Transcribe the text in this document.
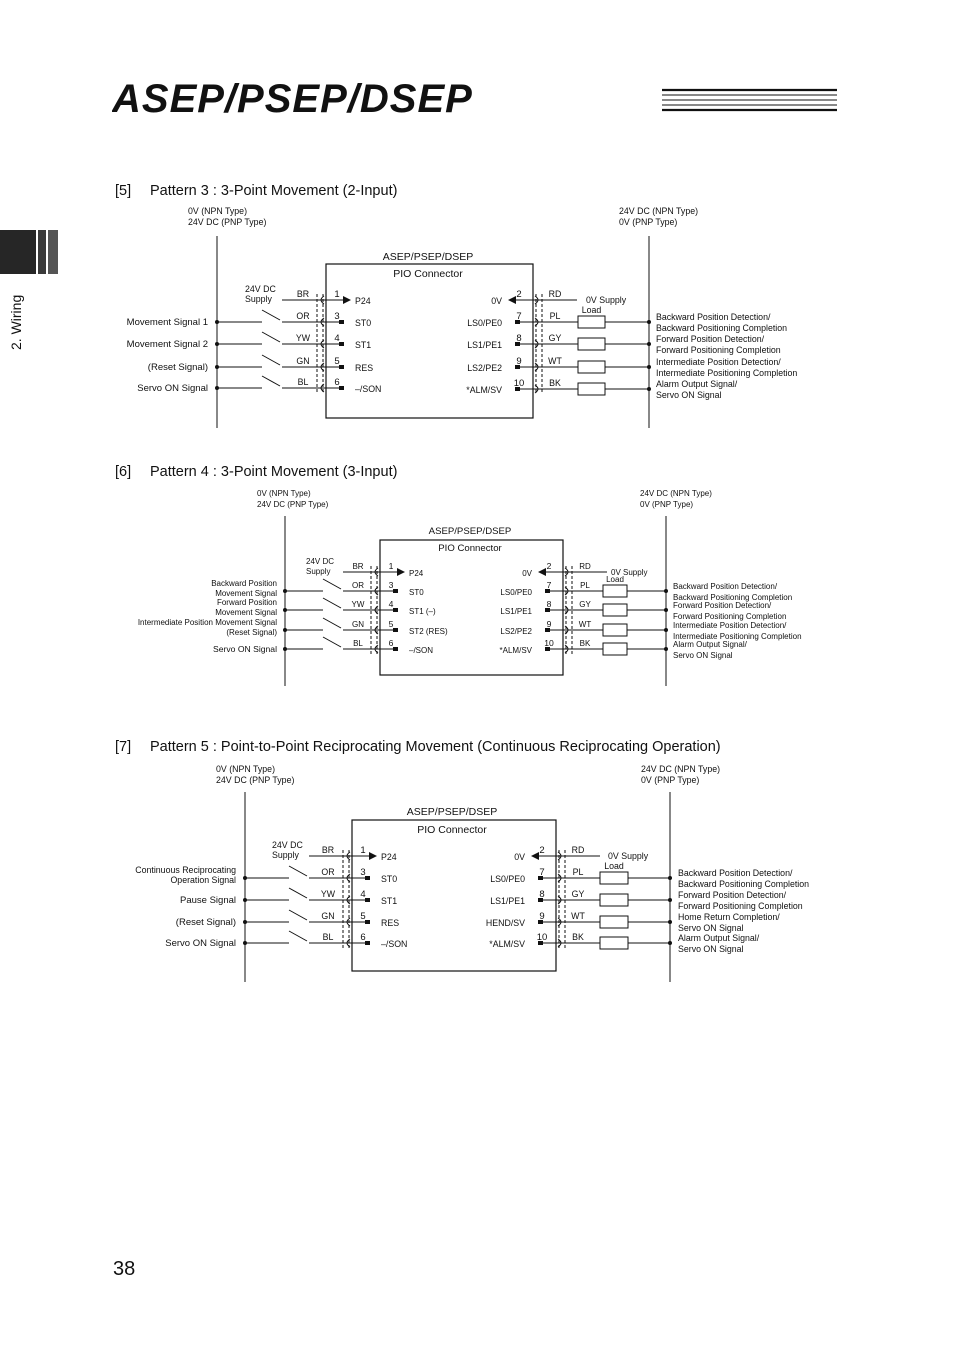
ASEP/PSEP/DSEP
2. Wiring
[5] Pattern 3 : 3-Point Movement (2-Input)
[6] Pattern 4 : 3-Point Movement (3-Input)
[7] Pattern 5 : Point-to-Point Reciprocating Movement (Continuous Reciprocating Operation)
0V (NPN Type)
24V DC (PNP Type)
24V DC (NPN Type)
0V (PNP Type)
ASEP/PSEP/DSEP
PIO Connector
24V DC
Supply	BR	1
P24	0V
2	RD
0V Supply
Movement Signal 1
OR	3
ST0
Movement Signal 2
YW	4
ST1
(Reset Signal)
GN	5
RES
Servo ON Signal
BL	6
–/SON
LS0/PE0
7	PL	Backward Position Detection/
Backward Positioning Completion
LS1/PE1
8	GY	Forward Position Detection/
Forward Positioning Completion
LS2/PE2
9	WT	Intermediate Position Detection/
Intermediate Positioning Completion
*ALM/SV
10	BK	Alarm Output Signal/
Servo ON Signal
Load
0V (NPN Type)
24V DC (PNP Type)
24V DC (NPN Type)
0V (PNP Type)
ASEP/PSEP/DSEP
PIO Connector
24V DC
Supply
BR	1
P24	0V
2	RD
0V Supply
Backward Position
Movement Signal
OR	3
ST0
Forward Position
Movement Signal
YW	4
ST1 (–)
Intermediate Position Movement Signal
(Reset Signal)
GN	5
ST2 (RES)
Servo ON Signal
BL	6
–/SON
LS0/PE0
7	PL	Backward Position Detection/
Backward Positioning Completion
LS1/PE1
8	GY	Forward Position Detection/
Forward Positioning Completion
LS2/PE2
9	WT	Intermediate Position Detection/
Intermediate Positioning Completion
*ALM/SV
10	BK	Alarm Output Signal/
Servo ON Signal
Load
0V (NPN Type)
24V DC (PNP Type)
24V DC (NPN Type)
0V (PNP Type)
ASEP/PSEP/DSEP
PIO Connector
24V DC
Supply	BR	1
P24	0V
2	RD
0V Supply
Continuous Reciprocating
Operation Signal
OR	3
ST0
Pause Signal
YW	4
ST1
(Reset Signal)
GN	5
RES
Servo ON Signal
BL	6
–/SON
LS0/PE0
7	PL	Backward Position Detection/
Backward Positioning Completion
LS1/PE1
8	GY	Forward Position Detection/
Forward Positioning Completion
HEND/SV
9	WT	Home Return Completion/
Servo ON Signal
*ALM/SV
10	BK	Alarm Output Signal/
Servo ON Signal
Load
38
